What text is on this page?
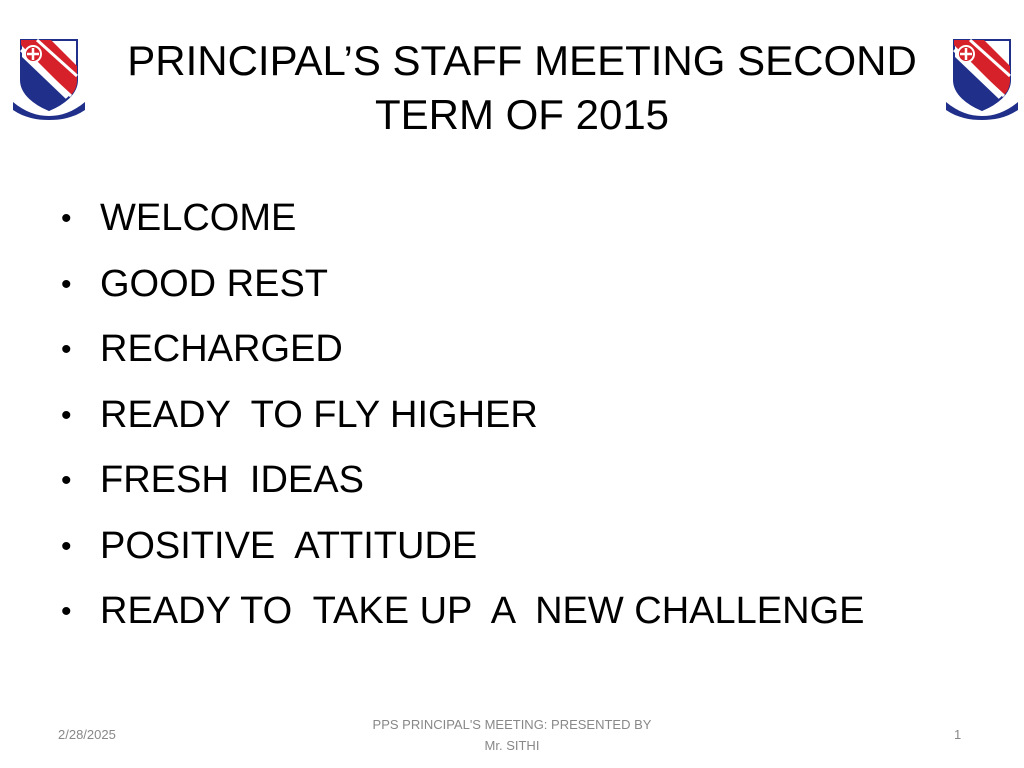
PRINCIPAL’S STAFF MEETING SECOND
TERM OF 2015
• WELCOME
• GOOD REST
• RECHARGED
• READY  TO FLY HIGHER
• FRESH  IDEAS
• POSITIVE  ATTITUDE
• READY TO  TAKE UP  A  NEW CHALLENGE
2/28/2025
PPS PRINCIPAL'S MEETING: PRESENTED BY
Mr. SITHI
1
